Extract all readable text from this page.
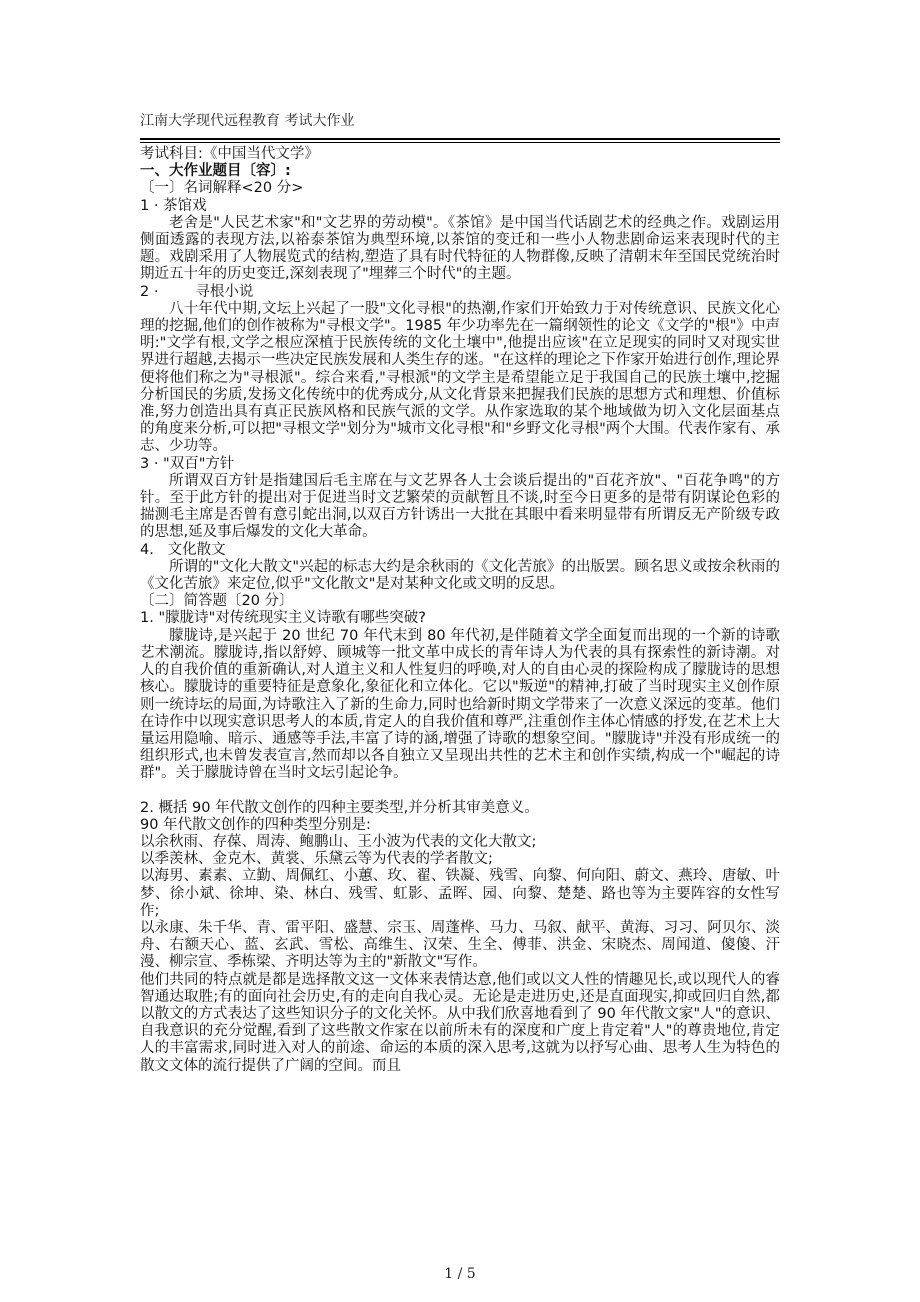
江南大学现代远程教育 考试大作业

考试科目:《中国当代文学》

一、大作业题目〔容〕:

〔一〕名词解释<20 分>

1 · 茶馆戏

老舍是"人民艺术家"和"文艺界的劳动模"。《茶馆》是中国当代话剧艺术的经典之作。戏剧运用侧面透露的表现方法,以裕泰茶馆为典型环境,以茶馆的变迁和一些小人物悲剧命运来表现时代的主题。戏剧采用了人物展览式的结构,塑造了具有时代特征的人物群像,反映了清朝末年至国民党统治时期近五十年的历史变迁,深刻表现了"埋葬三个时代"的主题。

2 ·        寻根小说

八十年代中期,文坛上兴起了一股"文化寻根"的热潮,作家们开始致力于对传统意识、民族文化心理的挖掘,他们的创作被称为"寻根文学"。1985 年少功率先在一篇纲领性的论文《文学的"根"》中声明:"文学有根,文学之根应深植于民族传统的文化土壤中",他提出应该"在立足现实的同时又对现实世界进行超越,去揭示一些决定民族发展和人类生存的迷。"在这样的理论之下作家开始进行创作,理论界便将他们称之为"寻根派"。综合来看,"寻根派"的文学主是希望能立足于我国自己的民族土壤中,挖掘分析国民的劣质,发扬文化传统中的优秀成分,从文化背景来把握我们民族的思想方式和理想、价值标准,努力创造出具有真正民族风格和民族气派的文学。从作家选取的某个地域做为切入文化层面基点的角度来分析,可以把"寻根文学"划分为"城市文化寻根"和"乡野文化寻根"两个大围。代表作家有、承志、少功等。

3 · "双百"方针

所谓双百方针是指建国后毛主席在与文艺界各人士会谈后提出的"百花齐放"、"百花争鸣"的方针。至于此方针的提出对于促进当时文艺繁荣的贡献暂且不谈,时至今日更多的是带有阴谋论色彩的揣测毛主席是否曾有意引蛇出洞,以双百方针诱出一大批在其眼中看来明显带有所谓反无产阶级专政的思想,延及事后爆发的文化大革命。

4.   文化散文

所谓的"文化大散文"兴起的标志大约是余秋雨的《文化苦旅》的出版罢。顾名思义或按余秋雨的《文化苦旅》来定位,似乎"文化散文"是对某种文化或文明的反思。

〔二〕简答题〔20 分〕

1. "朦胧诗"对传统现实主义诗歌有哪些突破?

朦胧诗,是兴起于 20 世纪 70 年代末到 80 年代初,是伴随着文学全面复而出现的一个新的诗歌艺术潮流。朦胧诗,指以舒婷、顾城等一批文革中成长的青年诗人为代表的具有探索性的新诗潮。对人的自我价值的重新确认,对人道主义和人性复归的呼唤,对人的自由心灵的探险构成了朦胧诗的思想核心。朦胧诗的重要特征是意象化,象征化和立体化。它以"叛逆"的精神,打破了当时现实主义创作原则一统诗坛的局面,为诗歌注入了新的生命力,同时也给新时期文学带来了一次意义深远的变革。他们在诗作中以现实意识思考人的本质,肯定人的自我价值和尊严,注重创作主体心情感的抒发,在艺术上大量运用隐喻、暗示、通感等手法,丰富了诗的涵,增强了诗歌的想象空间。"朦胧诗"并没有形成统一的组织形式,也未曾发表宣言,然而却以各自独立又呈现出共性的艺术主和创作实绩,构成一个"崛起的诗群"。关于朦胧诗曾在当时文坛引起论争。

2. 概括 90 年代散文创作的四种主要类型,并分析其审美意义。

90 年代散文创作的四种类型分别是:

以余秋雨、存葆、周涛、鲍鹏山、王小波为代表的文化大散文;

以季羡林、金克木、黄裳、乐黛云等为代表的学者散文;

以海男、素素、立勤、周佩红、小蕙、玫、翟、铁凝、残雪、向黎、何向阳、蔚文、燕玲、唐敏、叶梦、徐小斌、徐坤、染、林白、残雪、虹影、孟晖、园、向黎、楚楚、路也等为主要阵容的女性写作;

以永康、朱千华、青、雷平阳、盛慧、宗玉、周蓬桦、马力、马叙、献平、黄海、习习、阿贝尔、淡舟、右额天心、蓝、玄武、雪松、高维生、汉荣、生全、傅菲、洪金、宋晓杰、周闻道、傻傻、汗漫、柳宗宣、季栋梁、齐明达等为主的"新散文"写作。

他们共同的特点就是都是选择散文这一文体来表情达意,他们或以文人性的情趣见长,或以现代人的睿智通达取胜;有的面向社会历史,有的走向自我心灵。无论是走进历史,还是直面现实,抑或回归自然,都以散文的方式表达了这些知识分子的文化关怀。从中我们欣喜地看到了 90 年代散文家"人"的意识、自我意识的充分觉醒,看到了这些散文作家在以前所未有的深度和广度上肯定着"人"的尊贵地位,肯定人的丰富需求,同时进入对人的前途、命运的本质的深入思考,这就为以抒写心曲、思考人生为特色的散文文体的流行提供了广阔的空间。而且

1 / 5
